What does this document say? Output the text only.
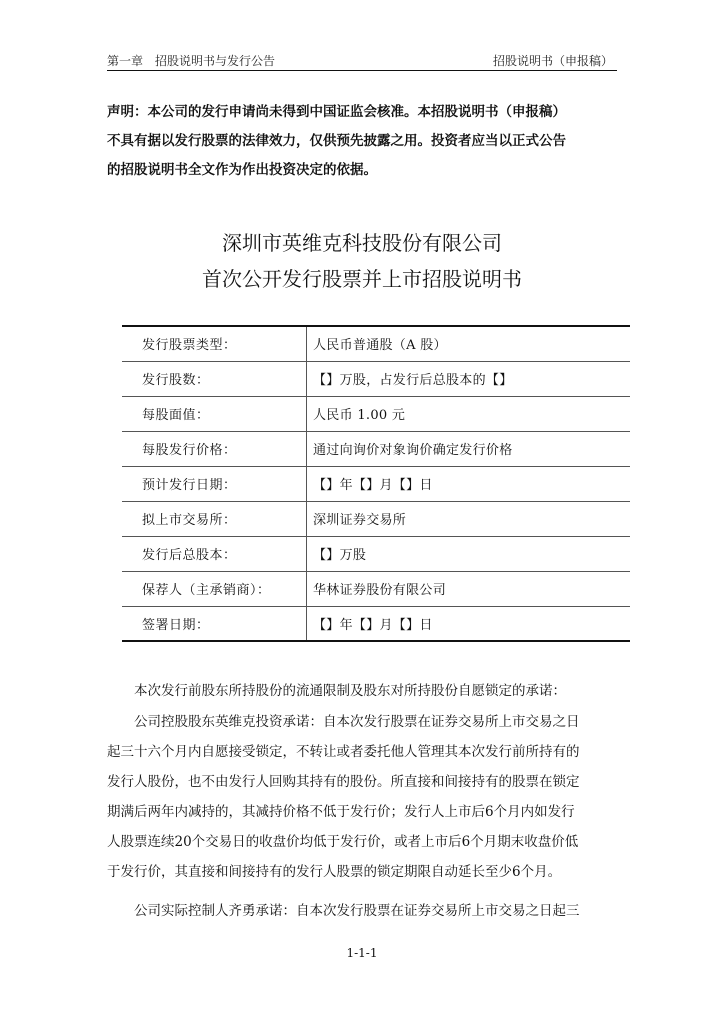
第一章　招股说明书与发行公告	招股说明书（申报稿）
声明：本公司的发行申请尚未得到中国证监会核准。本招股说明书（申报稿）
不具有据以发行股票的法律效力，仅供预先披露之用。投资者应当以正式公告
的招股说明书全文作为作出投资决定的依据。
深圳市英维克科技股份有限公司
首次公开发行股票并上市招股说明书
发行股票类型：	人民币普通股（A 股）
发行股数：	【】万股，占发行后总股本的【】
每股面值：	人民币 1.00 元
每股发行价格：	通过向询价对象询价确定发行价格
预计发行日期：	【】年【】月【】日
拟上市交易所：	深圳证券交易所
发行后总股本：	【】万股
保荐人（主承销商）：	华林证券股份有限公司
签署日期：	【】年【】月【】日
本次发行前股东所持股份的流通限制及股东对所持股份自愿锁定的承诺：
公司控股股东英维克投资承诺：自本次发行股票在证券交易所上市交易之日
起三十六个月内自愿接受锁定，不转让或者委托他人管理其本次发行前所持有的
发行人股份，也不由发行人回购其持有的股份。所直接和间接持有的股票在锁定
期满后两年内减持的，其减持价格不低于发行价；发行人上市后6个月内如发行
人股票连续20个交易日的收盘价均低于发行价，或者上市后6个月期末收盘价低
于发行价，其直接和间接持有的发行人股票的锁定期限自动延长至少6个月。
公司实际控制人齐勇承诺：自本次发行股票在证券交易所上市交易之日起三
1-1-1
